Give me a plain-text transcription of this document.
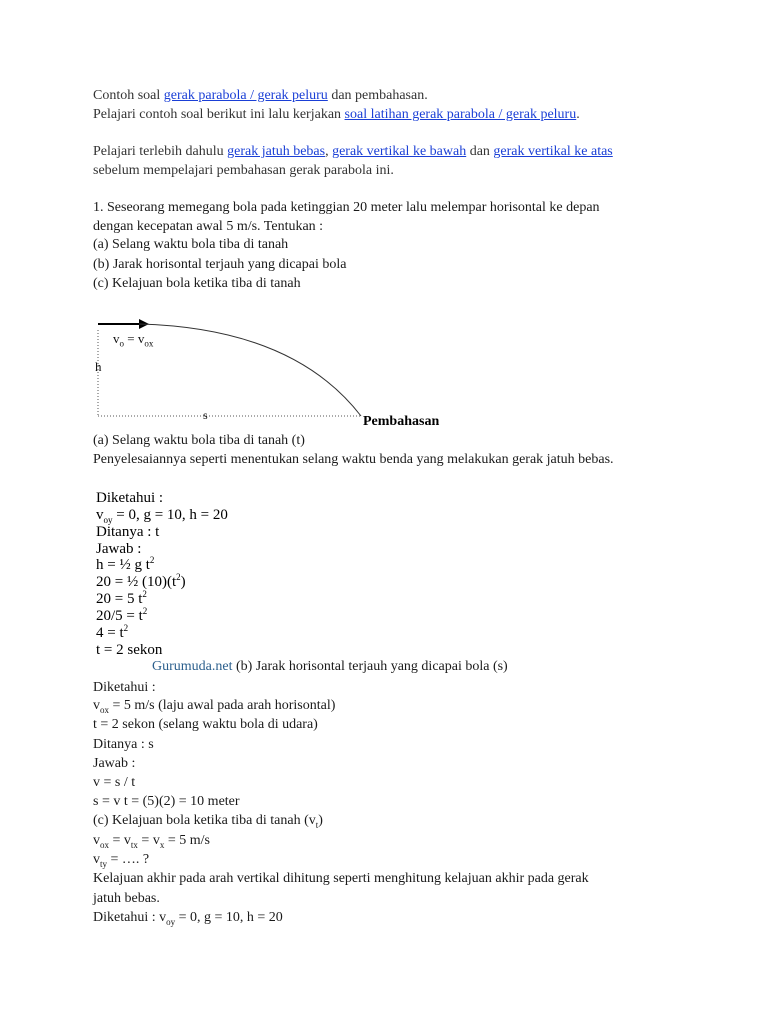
Contoh soal gerak parabola / gerak peluru dan pembahasan.
Pelajari contoh soal berikut ini lalu kerjakan soal latihan gerak parabola / gerak peluru.
Pelajari terlebih dahulu gerak jatuh bebas, gerak vertikal ke bawah dan gerak vertikal ke atas
sebelum mempelajari pembahasan gerak parabola ini.
1. Seseorang memegang bola pada ketinggian 20 meter lalu melempar horisontal ke depan
dengan kecepatan awal 5 m/s. Tentukan :
(a) Selang waktu bola tiba di tanah
(b) Jarak horisontal terjauh yang dicapai bola
(c) Kelajuan bola ketika tiba di tanah
$v_o = v_{ox}$
h
s	Pembahasan
(a) Selang waktu bola tiba di tanah (t)
Penyelesaiannya seperti menentukan selang waktu benda yang melakukan gerak jatuh bebas.
Diketahui :
$v_{oy} = 0$, g = 10, h = 20
Ditanya : t
Jawab :
h = ½ g $t^2$
20 = ½ $(10)(t^2)$
20 = 5 $t^2$
$20/5 = t^2$
$4 = t^2$
t = 2 sekon
Gurumuda.net (b) Jarak horisontal terjauh yang dicapai bola (s)
Diketahui :
$v_{ox} = 5$ m/s (laju awal pada arah horisontal)
t = 2 sekon (selang waktu bola di udara)
Ditanya : s
Jawab :
v = s / t
s = v t = (5)(2) = 10 meter
(c) Kelajuan bola ketika tiba di tanah $(v_t)$
$v_{ox} = v_{tx} = v_x = 5$ m/s
$v_{ty}$ = …. ?
Kelajuan akhir pada arah vertikal dihitung seperti menghitung kelajuan akhir pada gerak
jatuh bebas.
Diketahui : $v_{oy} = 0$, g = 10, h = 20
